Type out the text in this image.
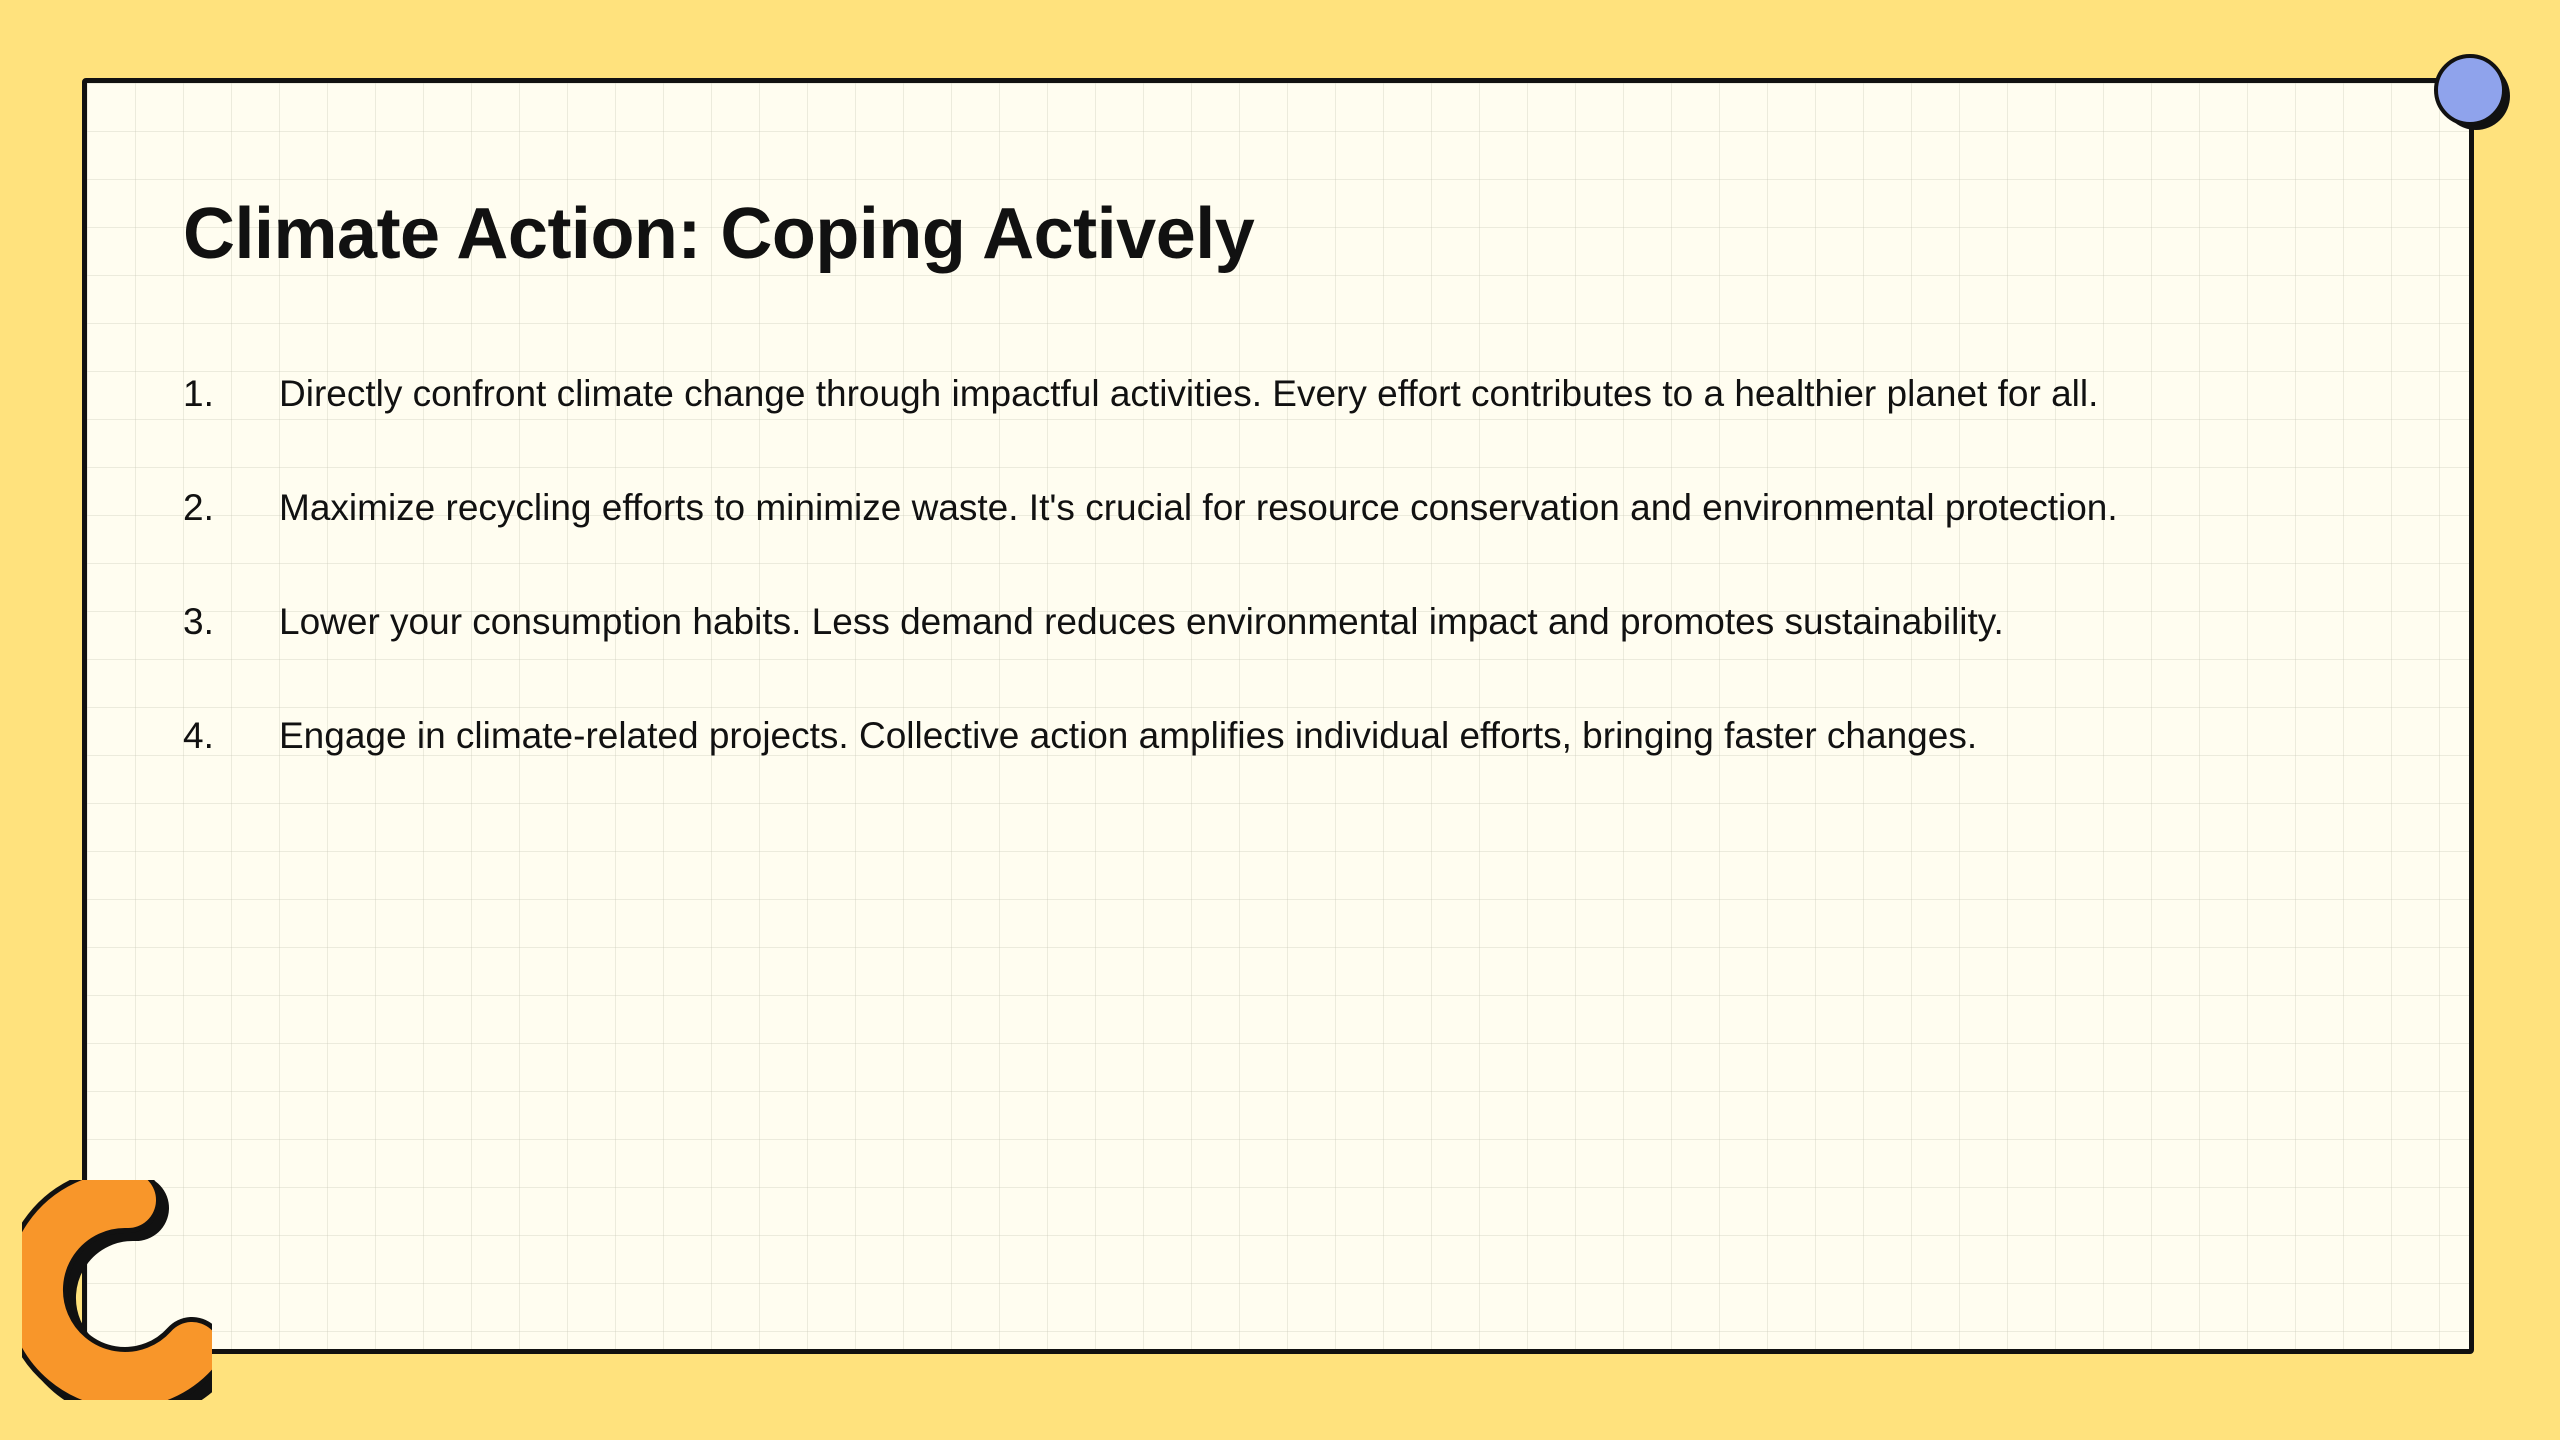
Climate Action: Coping Actively
1.	Directly confront climate change through impactful activities. Every effort contributes to a healthier planet for all.
2.	Maximize recycling efforts to minimize waste. It's crucial for resource conservation and environmental protection.
3.	Lower your consumption habits. Less demand reduces environmental impact and promotes sustainability.
4.	Engage in climate-related projects. Collective action amplifies individual efforts, bringing faster changes.
